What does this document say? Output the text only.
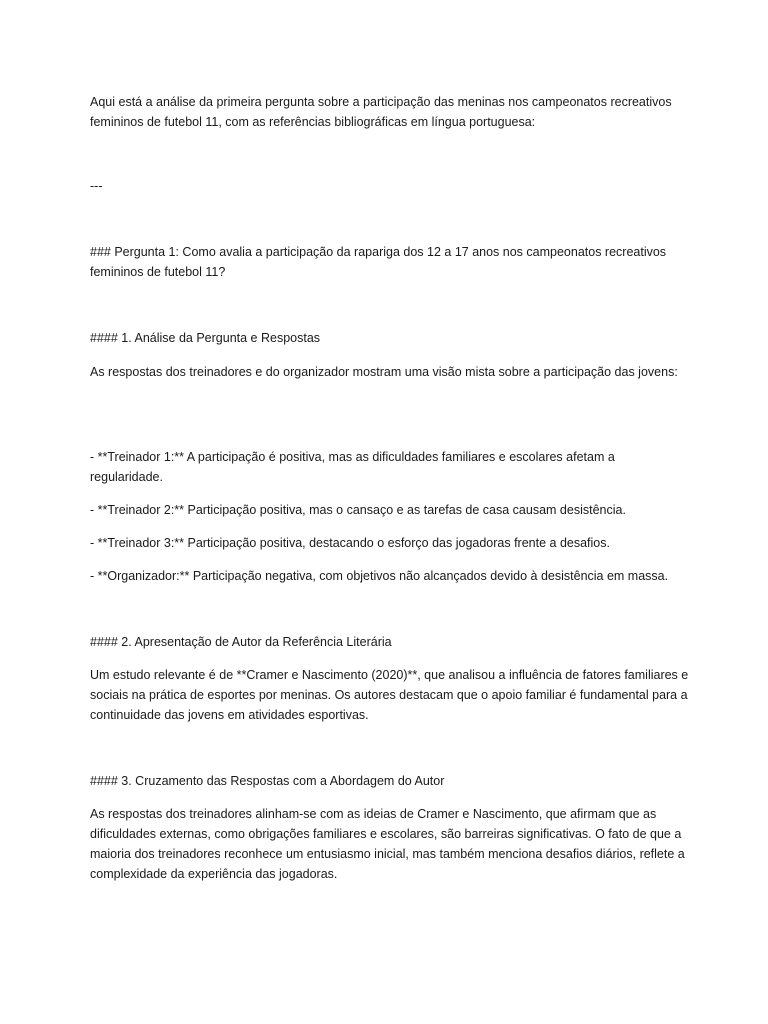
Aqui está a análise da primeira pergunta sobre a participação das meninas nos campeonatos recreativos femininos de futebol 11, com as referências bibliográficas em língua portuguesa:

---

### Pergunta 1: Como avalia a participação da rapariga dos 12 a 17 anos nos campeonatos recreativos femininos de futebol 11?

#### 1. Análise da Pergunta e Respostas

As respostas dos treinadores e do organizador mostram uma visão mista sobre a participação das jovens:

- **Treinador 1:** A participação é positiva, mas as dificuldades familiares e escolares afetam a regularidade.

- **Treinador 2:** Participação positiva, mas o cansaço e as tarefas de casa causam desistência.

- **Treinador 3:** Participação positiva, destacando o esforço das jogadoras frente a desafios.

- **Organizador:** Participação negativa, com objetivos não alcançados devido à desistência em massa.

#### 2. Apresentação de Autor da Referência Literária

Um estudo relevante é de **Cramer e Nascimento (2020)**, que analisou a influência de fatores familiares e sociais na prática de esportes por meninas. Os autores destacam que o apoio familiar é fundamental para a continuidade das jovens em atividades esportivas.

#### 3. Cruzamento das Respostas com a Abordagem do Autor

As respostas dos treinadores alinham-se com as ideias de Cramer e Nascimento, que afirmam que as dificuldades externas, como obrigações familiares e escolares, são barreiras significativas. O fato de que a maioria dos treinadores reconhece um entusiasmo inicial, mas também menciona desafios diários, reflete a complexidade da experiência das jogadoras.
